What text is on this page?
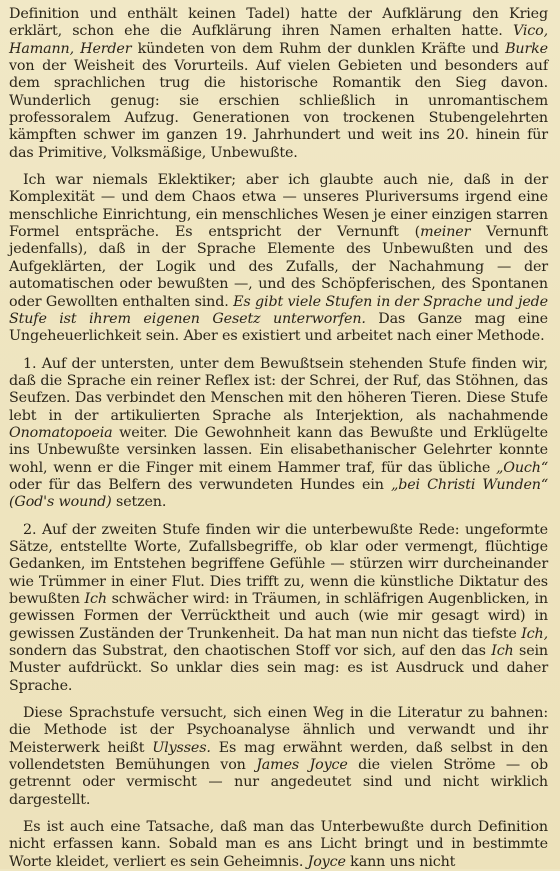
Definition und enthält keinen Tadel) hatte der Aufklärung den Krieg erklärt, schon ehe die Aufklärung ihren Namen erhalten hatte. Vico, Hamann, Herder kündeten von dem Ruhm der dunklen Kräfte und Burke von der Weisheit des Vorurteils. Auf vielen Gebieten und besonders auf dem sprachlichen trug die historische Romantik den Sieg davon. Wunderlich genug: sie erschien schließlich in unromantischem professoralem Aufzug. Generationen von trockenen Stubengelehrten kämpften schwer im ganzen 19. Jahrhundert und weit ins 20. hinein für das Primitive, Volksmäßige, Unbewußte.

Ich war niemals Eklektiker; aber ich glaubte auch nie, daß in der Komplexität — und dem Chaos etwa — unseres Pluriversums irgend eine menschliche Einrichtung, ein menschliches Wesen je einer einzigen starren Formel entspräche. Es entspricht der Vernunft (meiner Vernunft jedenfalls), daß in der Sprache Elemente des Unbewußten und des Aufgeklärten, der Logik und des Zufalls, der Nachahmung — der automatischen oder bewußten —, und des Schöpferischen, des Spontanen oder Gewollten enthalten sind. Es gibt viele Stufen in der Sprache und jede Stufe ist ihrem eigenen Gesetz unterworfen. Das Ganze mag eine Ungeheuerlichkeit sein. Aber es existiert und arbeitet nach einer Methode.

1. Auf der untersten, unter dem Bewußtsein stehenden Stufe finden wir, daß die Sprache ein reiner Reflex ist: der Schrei, der Ruf, das Stöhnen, das Seufzen. Das verbindet den Menschen mit den höheren Tieren. Diese Stufe lebt in der artikulierten Sprache als Interjektion, als nachahmende Onomatopoeia weiter. Die Gewohnheit kann das Bewußte und Erklügelte ins Unbewußte versinken lassen. Ein elisabethanischer Gelehrter konnte wohl, wenn er die Finger mit einem Hammer traf, für das übliche „Ouch“ oder für das Belfern des verwundeten Hundes ein „bei Christi Wunden“ (God's wound) setzen.

2. Auf der zweiten Stufe finden wir die unterbewußte Rede: ungeformte Sätze, entstellte Worte, Zufallsbegriffe, ob klar oder vermengt, flüchtige Gedanken, im Entstehen begriffene Gefühle — stürzen wirr durcheinander wie Trümmer in einer Flut. Dies trifft zu, wenn die künstliche Diktatur des bewußten Ich schwächer wird: in Träumen, in schläfrigen Augenblicken, in gewissen Formen der Verrücktheit und auch (wie mir gesagt wird) in gewissen Zuständen der Trunkenheit. Da hat man nun nicht das tiefste Ich, sondern das Substrat, den chaotischen Stoff vor sich, auf den das Ich sein Muster aufdrückt. So unklar dies sein mag: es ist Ausdruck und daher Sprache.

Diese Sprachstufe versucht, sich einen Weg in die Literatur zu bahnen: die Methode ist der Psychoanalyse ähnlich und verwandt und ihr Meisterwerk heißt Ulysses. Es mag erwähnt werden, daß selbst in den vollendetsten Bemühungen von James Joyce die vielen Ströme — ob getrennt oder vermischt — nur angedeutet sind und nicht wirklich dargestellt.

Es ist auch eine Tatsache, daß man das Unterbewußte durch Definition nicht erfassen kann. Sobald man es ans Licht bringt und in bestimmte Worte kleidet, verliert es sein Geheimnis. Joyce kann uns nicht
